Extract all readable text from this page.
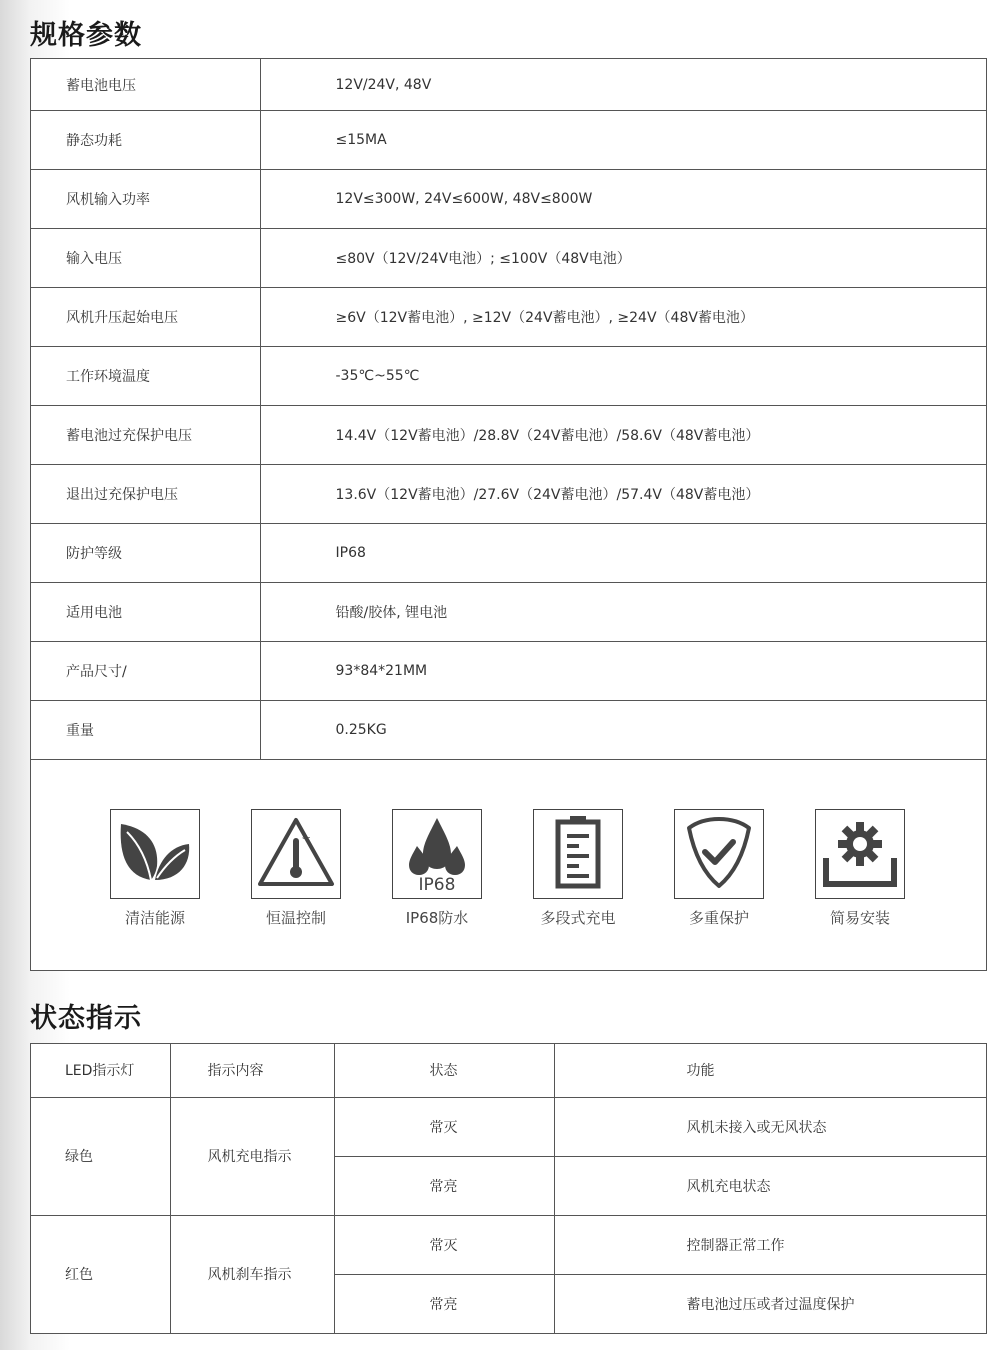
规格参数
蓄电池电压	12V/24V, 48V
静态功耗	≤15MA
风机输入功率	12V≤300W, 24V≤600W, 48V≤800W
输入电压	≤80V（12V/24V电池）; ≤100V（48V电池）
风机升压起始电压	≥6V（12V蓄电池）, ≥12V（24V蓄电池）, ≥24V（48V蓄电池）
工作环境温度	-35℃~55℃
蓄电池过充保护电压	14.4V（12V蓄电池）/28.8V（24V蓄电池）/58.6V（48V蓄电池）
退出过充保护电压	13.6V（12V蓄电池）/27.6V（24V蓄电池）/57.4V（48V蓄电池）
防护等级	IP68
适用电池	铅酸/胶体, 锂电池
产品尺寸/	93*84*21MM
重量	0.25KG
清洁能源
°C
恒温控制
IP68
IP68防水	多段式充电	多重保护	简易安装
状态指示
LED指示灯	指示内容	状态	功能
绿色	风机充电指示	常灭	风机未接入或无风状态
		常亮	风机充电状态
红色	风机刹车指示	常灭	控制器正常工作
		常亮	蓄电池过压或者过温度保护
